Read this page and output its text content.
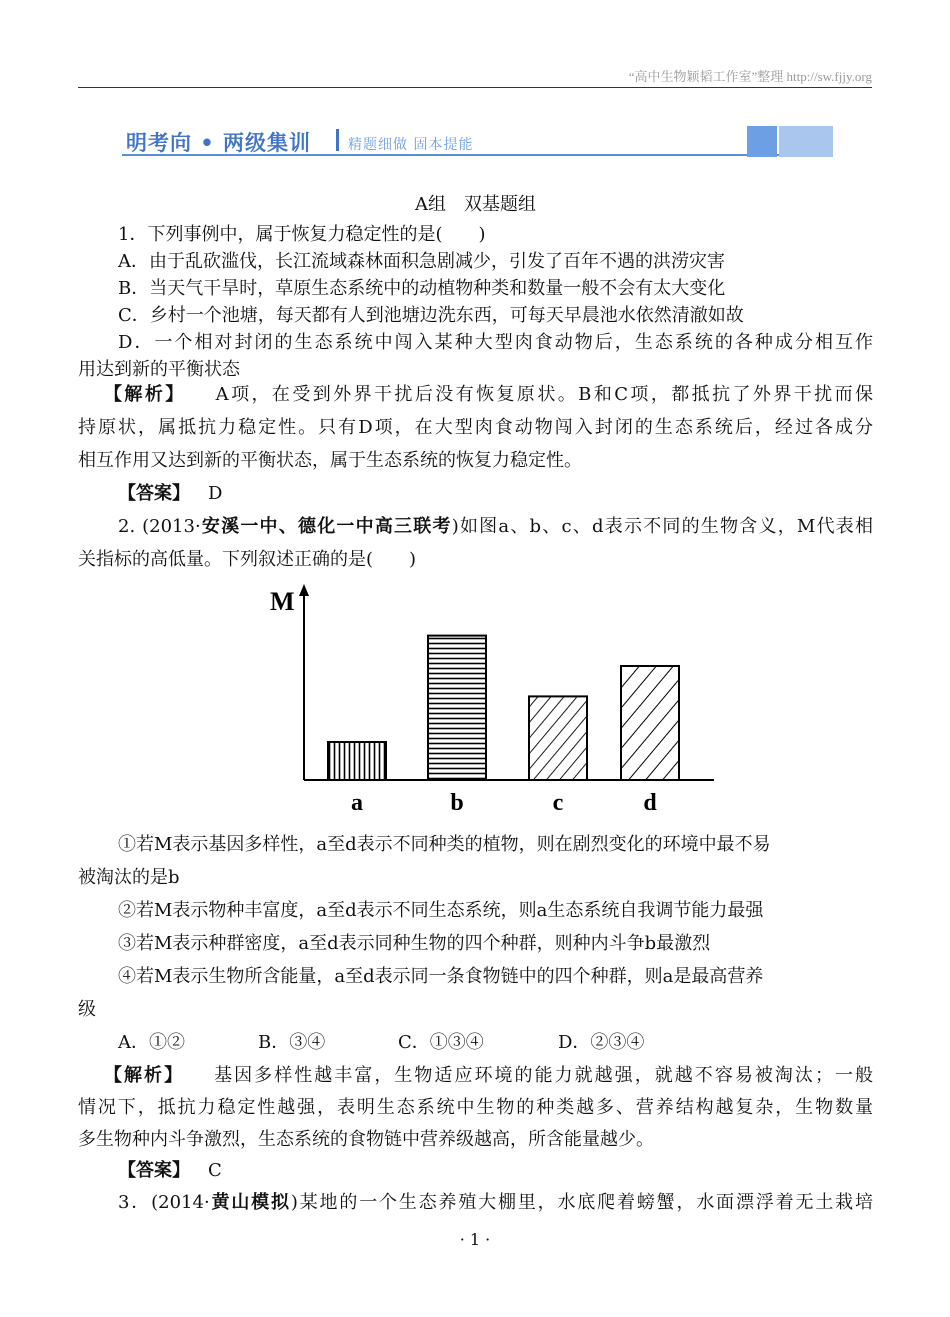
“高中生物颖韬工作室”整理 http://sw.fjjy.org
明考向 • 两级集训	精题细做 固本提能
A组　双基题组
1．下列事例中，属于恢复力稳定性的是(　　)
A．由于乱砍滥伐，长江流域森林面积急剧减少，引发了百年不遇的洪涝灾害
B．当天气干旱时，草原生态系统中的动植物种类和数量一般不会有太大变化
C．乡村一个池塘，每天都有人到池塘边洗东西，可每天早晨池水依然清澈如故
D．一个相对封闭的生态系统中闯入某种大型肉食动物后，生态系统的各种成分相互作
用达到新的平衡状态
【解析】 A项，在受到外界干扰后没有恢复原状。B和C项，都抵抗了外界干扰而保
持原状，属抵抗力稳定性。只有D项，在大型肉食动物闯入封闭的生态系统后，经过各成分
相互作用又达到新的平衡状态，属于生态系统的恢复力稳定性。
【答案】 D
2. (2013·安溪一中、德化一中高三联考)如图a、b、c、d表示不同的生物含义，M代表相
关指标的高低量。下列叙述正确的是(　　)
M
a	b	c	d
①若M表示基因多样性，a至d表示不同种类的植物，则在剧烈变化的环境中最不易
被淘汰的是b
②若M表示物种丰富度，a至d表示不同生态系统，则a生态系统自我调节能力最强
③若M表示种群密度，a至d表示同种生物的四个种群，则种内斗争b最激烈
④若M表示生物所含能量，a至d表示同一条食物链中的四个种群，则a是最高营养
级
A．①②	B．③④	C．①③④	D．②③④
【解析】 基因多样性越丰富，生物适应环境的能力就越强，就越不容易被淘汰；一般
情况下，抵抗力稳定性越强，表明生态系统中生物的种类越多、营养结构越复杂，生物数量
多生物种内斗争激烈，生态系统的食物链中营养级越高，所含能量越少。
【答案】 C
3．(2014·黄山模拟)某地的一个生态养殖大棚里，水底爬着螃蟹，水面漂浮着无土栽培
· 1 ·
